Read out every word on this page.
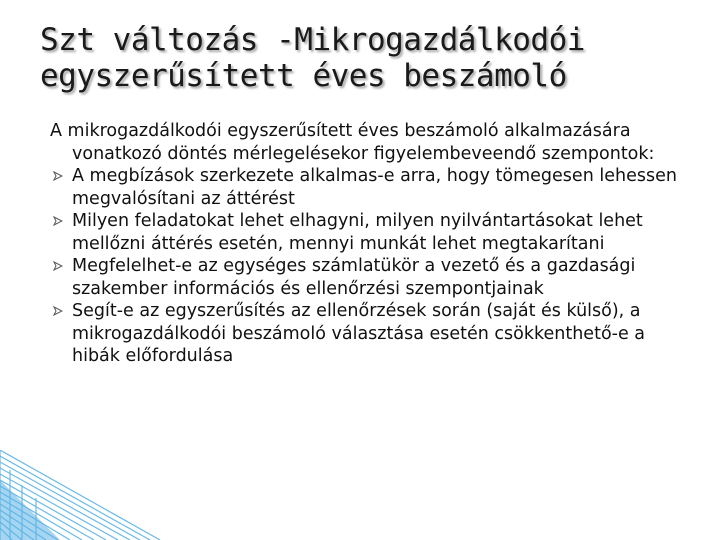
Szt változás -Mikrogazdálkodói egyszerűsített éves beszámoló

A mikrogazdálkodói egyszerűsített éves beszámoló alkalmazására vonatkozó döntés mérlegelésekor figyelembeveendő szempontok:

A megbízások szerkezete alkalmas-e arra, hogy tömegesen lehessen megvalósítani az áttérést
Milyen feladatokat lehet elhagyni, milyen nyilvántartásokat lehet mellőzni áttérés esetén, mennyi munkát lehet megtakarítani
Megfelelhet-e az egységes számlatükör a vezető és a gazdasági szakember információs és ellenőrzési szempontjainak
Segít-e az egyszerűsítés az ellenőrzések során (saját és külső), a mikrogazdálkodói beszámoló választása esetén csökkenthető-e a hibák előfordulása
